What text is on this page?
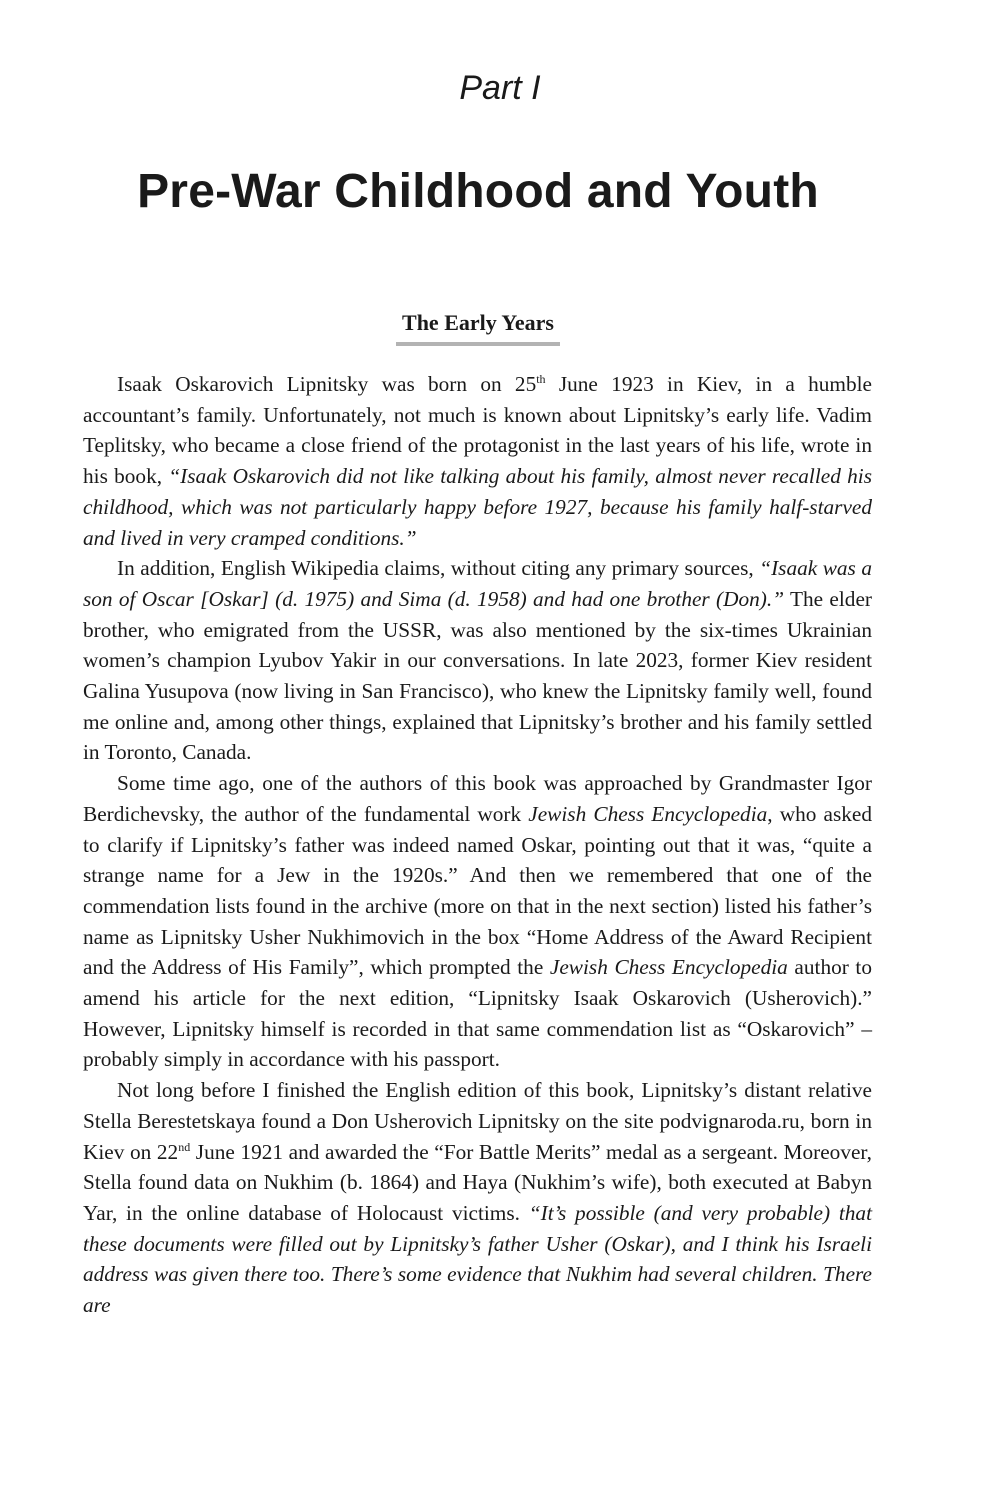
Part I
Pre-War Childhood and Youth
The Early Years

Isaak Oskarovich Lipnitsky was born on 25th June 1923 in Kiev, in a humble accountant’s family. Unfortunately, not much is known about Lipnitsky’s early life. Vadim Teplitsky, who became a close friend of the protagonist in the last years of his life, wrote in his book, “Isaak Oskarovich did not like talking about his family, almost never recalled his childhood, which was not particularly happy before 1927, because his family half-starved and lived in very cramped conditions.”

In addition, English Wikipedia claims, without citing any primary sources, “Isaak was a son of Oscar [Oskar] (d. 1975) and Sima (d. 1958) and had one brother (Don).” The elder brother, who emigrated from the USSR, was also mentioned by the six-times Ukrainian women’s champion Lyubov Yakir in our conversations. In late 2023, former Kiev resident Galina Yusupova (now living in San Francisco), who knew the Lipnitsky family well, found me online and, among other things, explained that Lipnitsky’s brother and his family settled in Toronto, Canada.

Some time ago, one of the authors of this book was approached by Grandmaster Igor Berdichevsky, the author of the fundamental work Jewish Chess Encyclopedia, who asked to clarify if Lipnitsky’s father was indeed named Oskar, pointing out that it was, “quite a strange name for a Jew in the 1920s.” And then we remembered that one of the commendation lists found in the archive (more on that in the next section) listed his father’s name as Lipnitsky Usher Nukhimovich in the box “Home Address of the Award Recipient and the Address of His Family”, which prompted the Jewish Chess Encyclopedia author to amend his article for the next edition, “Lipnitsky Isaak Oskarovich (Usherovich).” However, Lipnitsky himself is recorded in that same commendation list as “Oskarovich” – probably simply in accordance with his passport.

Not long before I finished the English edition of this book, Lipnitsky’s distant relative Stella Berestetskaya found a Don Usherovich Lipnitsky on the site podvignaroda.ru, born in Kiev on 22nd June 1921 and awarded the “For Battle Merits” medal as a sergeant. Moreover, Stella found data on Nukhim (b. 1864) and Haya (Nukhim’s wife), both executed at Babyn Yar, in the online database of Holocaust victims. “It’s possible (and very probable) that these documents were filled out by Lipnitsky’s father Usher (Oskar), and I think his Israeli address was given there too. There’s some evidence that Nukhim had several children. There are
